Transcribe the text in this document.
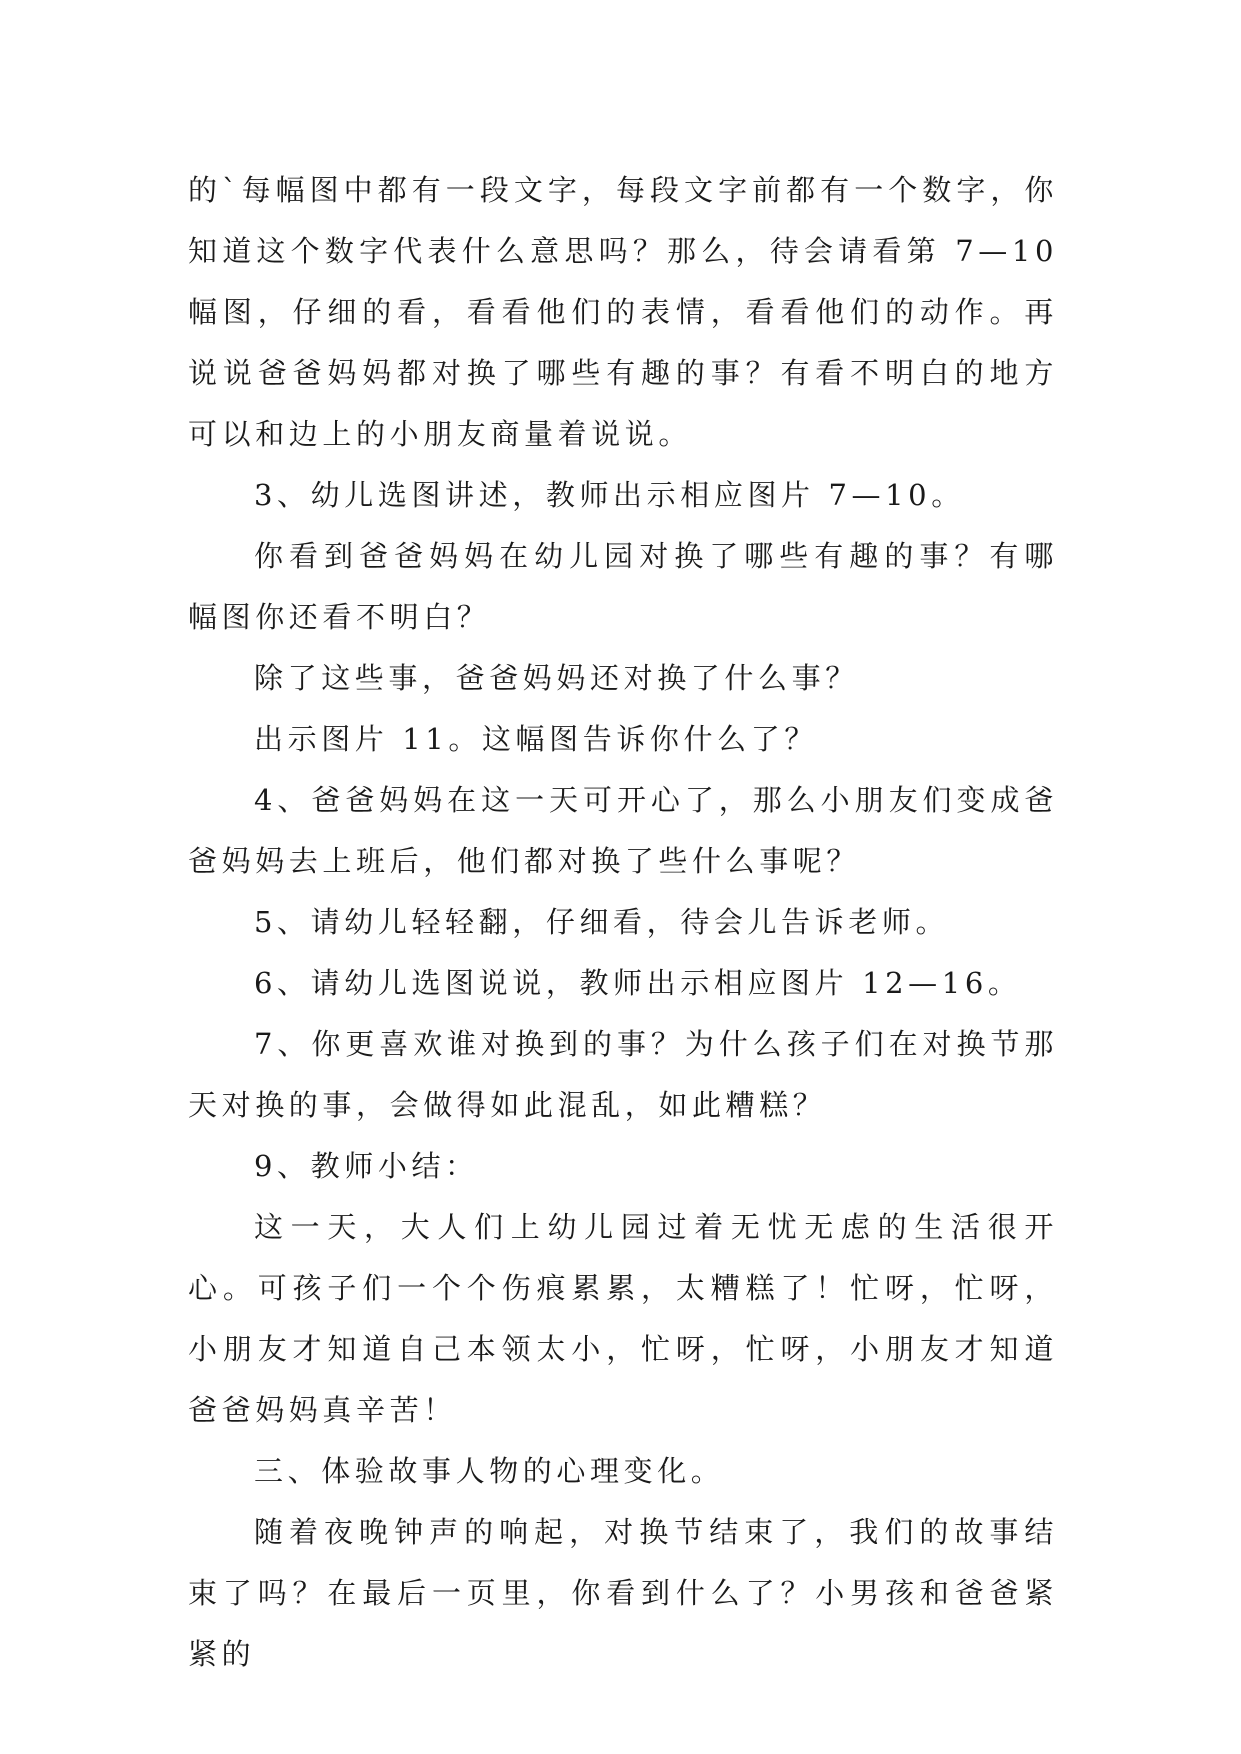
的`每幅图中都有一段文字，每段文字前都有一个数字，你知道这个数字代表什么意思吗？那么，待会请看第 7—10 幅图，仔细的看，看看他们的表情，看看他们的动作。再说说爸爸妈妈都对换了哪些有趣的事？有看不明白的地方可以和边上的小朋友商量着说说。

3、幼儿选图讲述，教师出示相应图片 7—10。

你看到爸爸妈妈在幼儿园对换了哪些有趣的事？有哪幅图你还看不明白？

除了这些事，爸爸妈妈还对换了什么事？

出示图片 11。这幅图告诉你什么了？

4、爸爸妈妈在这一天可开心了，那么小朋友们变成爸爸妈妈去上班后，他们都对换了些什么事呢？

5、请幼儿轻轻翻，仔细看，待会儿告诉老师。

6、请幼儿选图说说，教师出示相应图片 12—16。

7、你更喜欢谁对换到的事？为什么孩子们在对换节那天对换的事，会做得如此混乱，如此糟糕？

9、教师小结：

这一天，大人们上幼儿园过着无忧无虑的生活很开心。可孩子们一个个伤痕累累，太糟糕了！忙呀，忙呀，小朋友才知道自己本领太小，忙呀，忙呀，小朋友才知道爸爸妈妈真辛苦！

三、体验故事人物的心理变化。

随着夜晚钟声的响起，对换节结束了，我们的故事结束了吗？在最后一页里，你看到什么了？小男孩和爸爸紧紧的
